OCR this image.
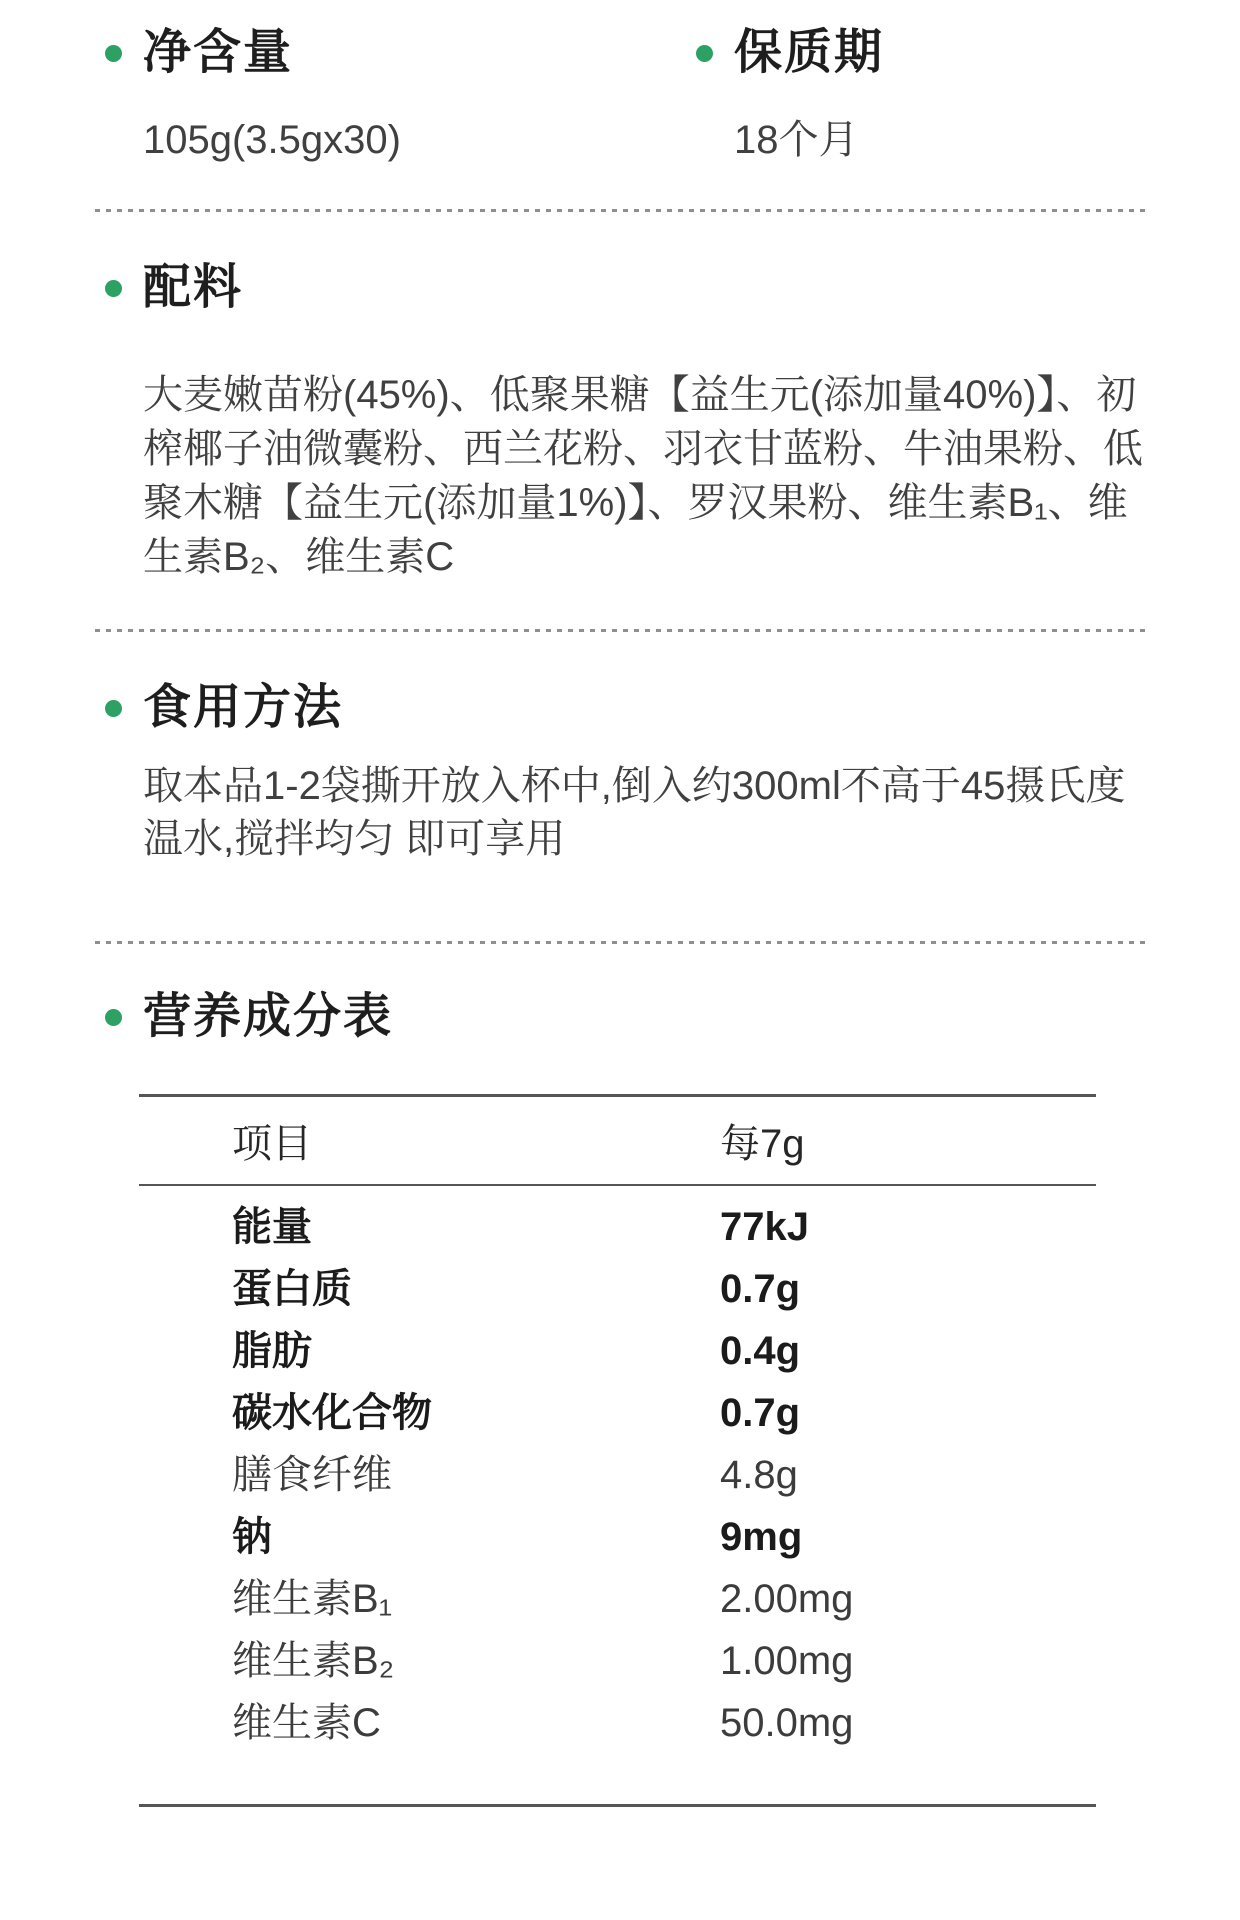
净含量
105g(3.5gx30)
保质期
18个月
配料
大麦嫩苗粉(45%)、低聚果糖【益生元(添加量40%)】、初榨椰子油微囊粉、西兰花粉、羽衣甘蓝粉、牛油果粉、低聚木糖【益生元(添加量1%)】、罗汉果粉、维生素B₁、维生素B₂、维生素C
食用方法
取本品1-2袋撕开放入杯中,倒入约300ml不高于45摄氏度温水,搅拌均匀 即可享用
营养成分表
项目	每7g
能量	77kJ
蛋白质	0.7g
脂肪	0.4g
碳水化合物	0.7g
膳食纤维	4.8g
钠	9mg
维生素B₁	2.00mg
维生素B₂	1.00mg
维生素C	50.0mg
